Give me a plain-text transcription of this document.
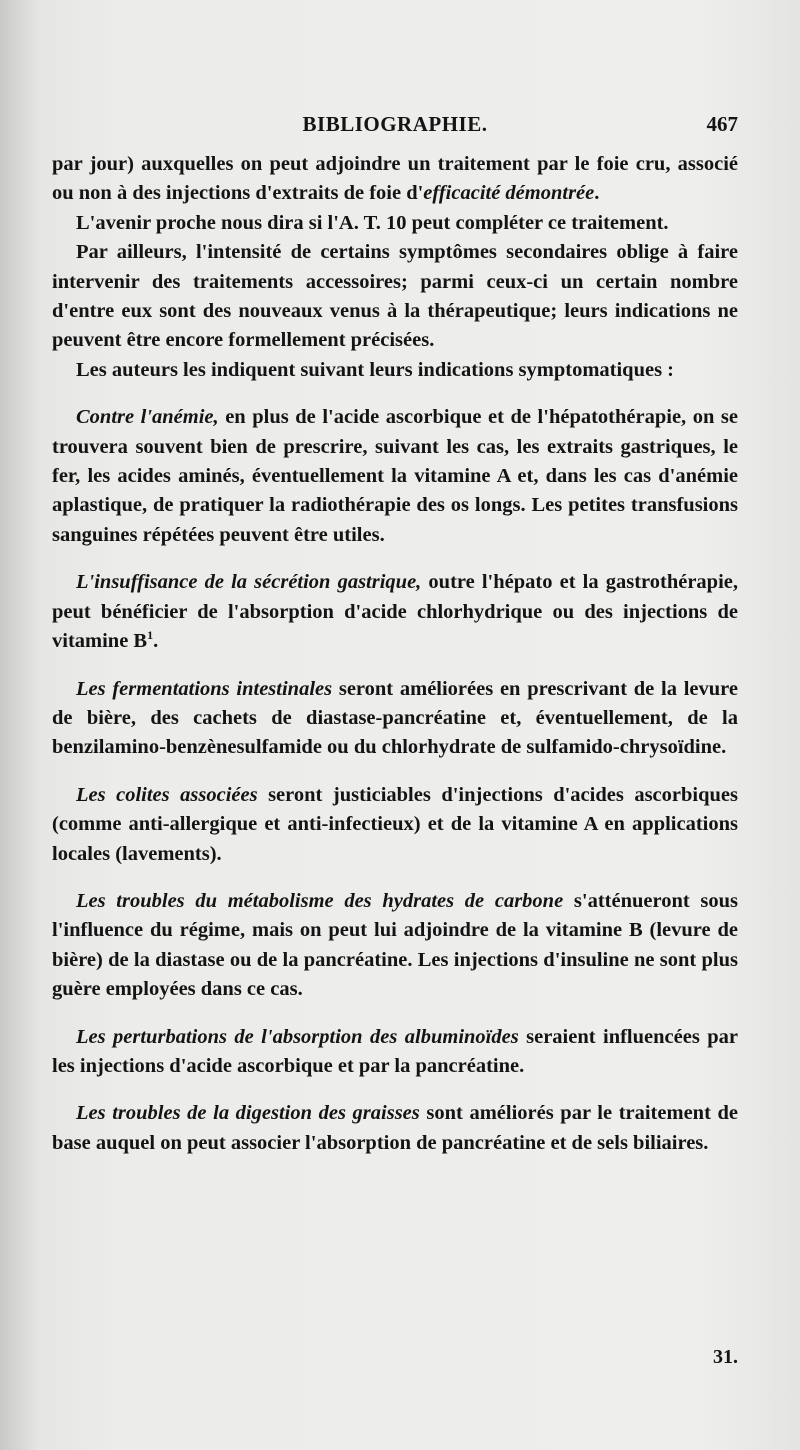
BIBLIOGRAPHIE.	467

par jour) auxquelles on peut adjoindre un traitement par le foie cru, associé ou non à des injections d'extraits de foie d'efficacité démontrée.

L'avenir proche nous dira si l'A. T. 10 peut compléter ce traitement.

Par ailleurs, l'intensité de certains symptômes secondaires oblige à faire intervenir des traitements accessoires; parmi ceux-ci un certain nombre d'entre eux sont des nouveaux venus à la thérapeutique; leurs indications ne peuvent être encore formellement précisées.

Les auteurs les indiquent suivant leurs indications symptomatiques :

Contre l'anémie, en plus de l'acide ascorbique et de l'hépatothérapie, on se trouvera souvent bien de prescrire, suivant les cas, les extraits gastriques, le fer, les acides aminés, éventuellement la vitamine A et, dans les cas d'anémie aplastique, de pratiquer la radiothérapie des os longs. Les petites transfusions sanguines répétées peuvent être utiles.

L'insuffisance de la sécrétion gastrique, outre l'hépato et la gastrothérapie, peut bénéficier de l'absorption d'acide chlorhydrique ou des injections de vitamine $B^1$.

Les fermentations intestinales seront améliorées en prescrivant de la levure de bière, des cachets de diastase-pancréatine et, éventuellement, de la benzilamino-benzènesulfamide ou du chlorhydrate de sulfamido-chrysoïdine.

Les colites associées seront justiciables d'injections d'acides ascorbiques (comme anti-allergique et anti-infectieux) et de la vitamine A en applications locales (lavements).

Les troubles du métabolisme des hydrates de carbone s'atténueront sous l'influence du régime, mais on peut lui adjoindre de la vitamine B (levure de bière) de la diastase ou de la pancréatine. Les injections d'insuline ne sont plus guère employées dans ce cas.

Les perturbations de l'absorption des albuminoïdes seraient influencées par les injections d'acide ascorbique et par la pancréatine.

Les troubles de la digestion des graisses sont améliorés par le traitement de base auquel on peut associer l'absorption de pancréatine et de sels biliaires.

31.
